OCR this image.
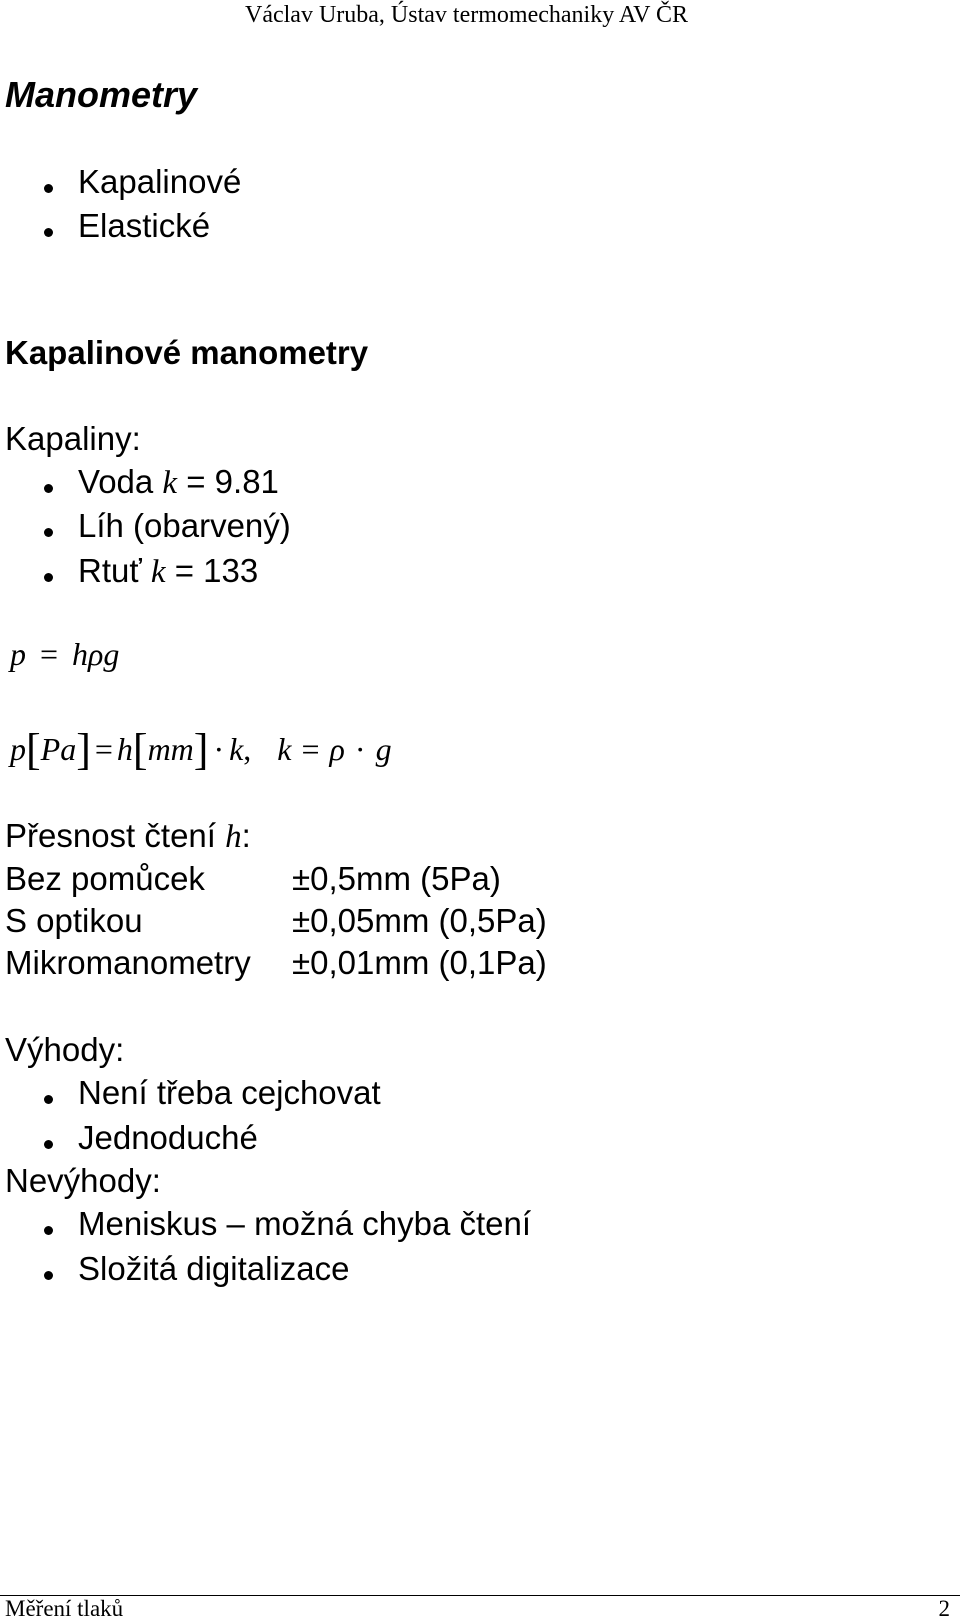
Václav Uruba, Ústav termomechaniky AV ČR
Manometry
Kapalinové
Elastické
Kapalinové manometry
Kapaliny:
Voda k = 9.81
Líh (obarvený)
Rtuť k = 133
p = hρg
p[Pa] = h[mm] · k, k = ρ · g
Přesnost čtení h:
Bez pomůcek	±0,5mm (5Pa)
S optikou	±0,05mm (0,5Pa)
Mikromanometry ±0,01mm (0,1Pa)
Výhody:
Není třeba cejchovat
Jednoduché
Nevýhody:
Meniskus – možná chyba čtení
Složitá digitalizace
Měření tlaků	2
